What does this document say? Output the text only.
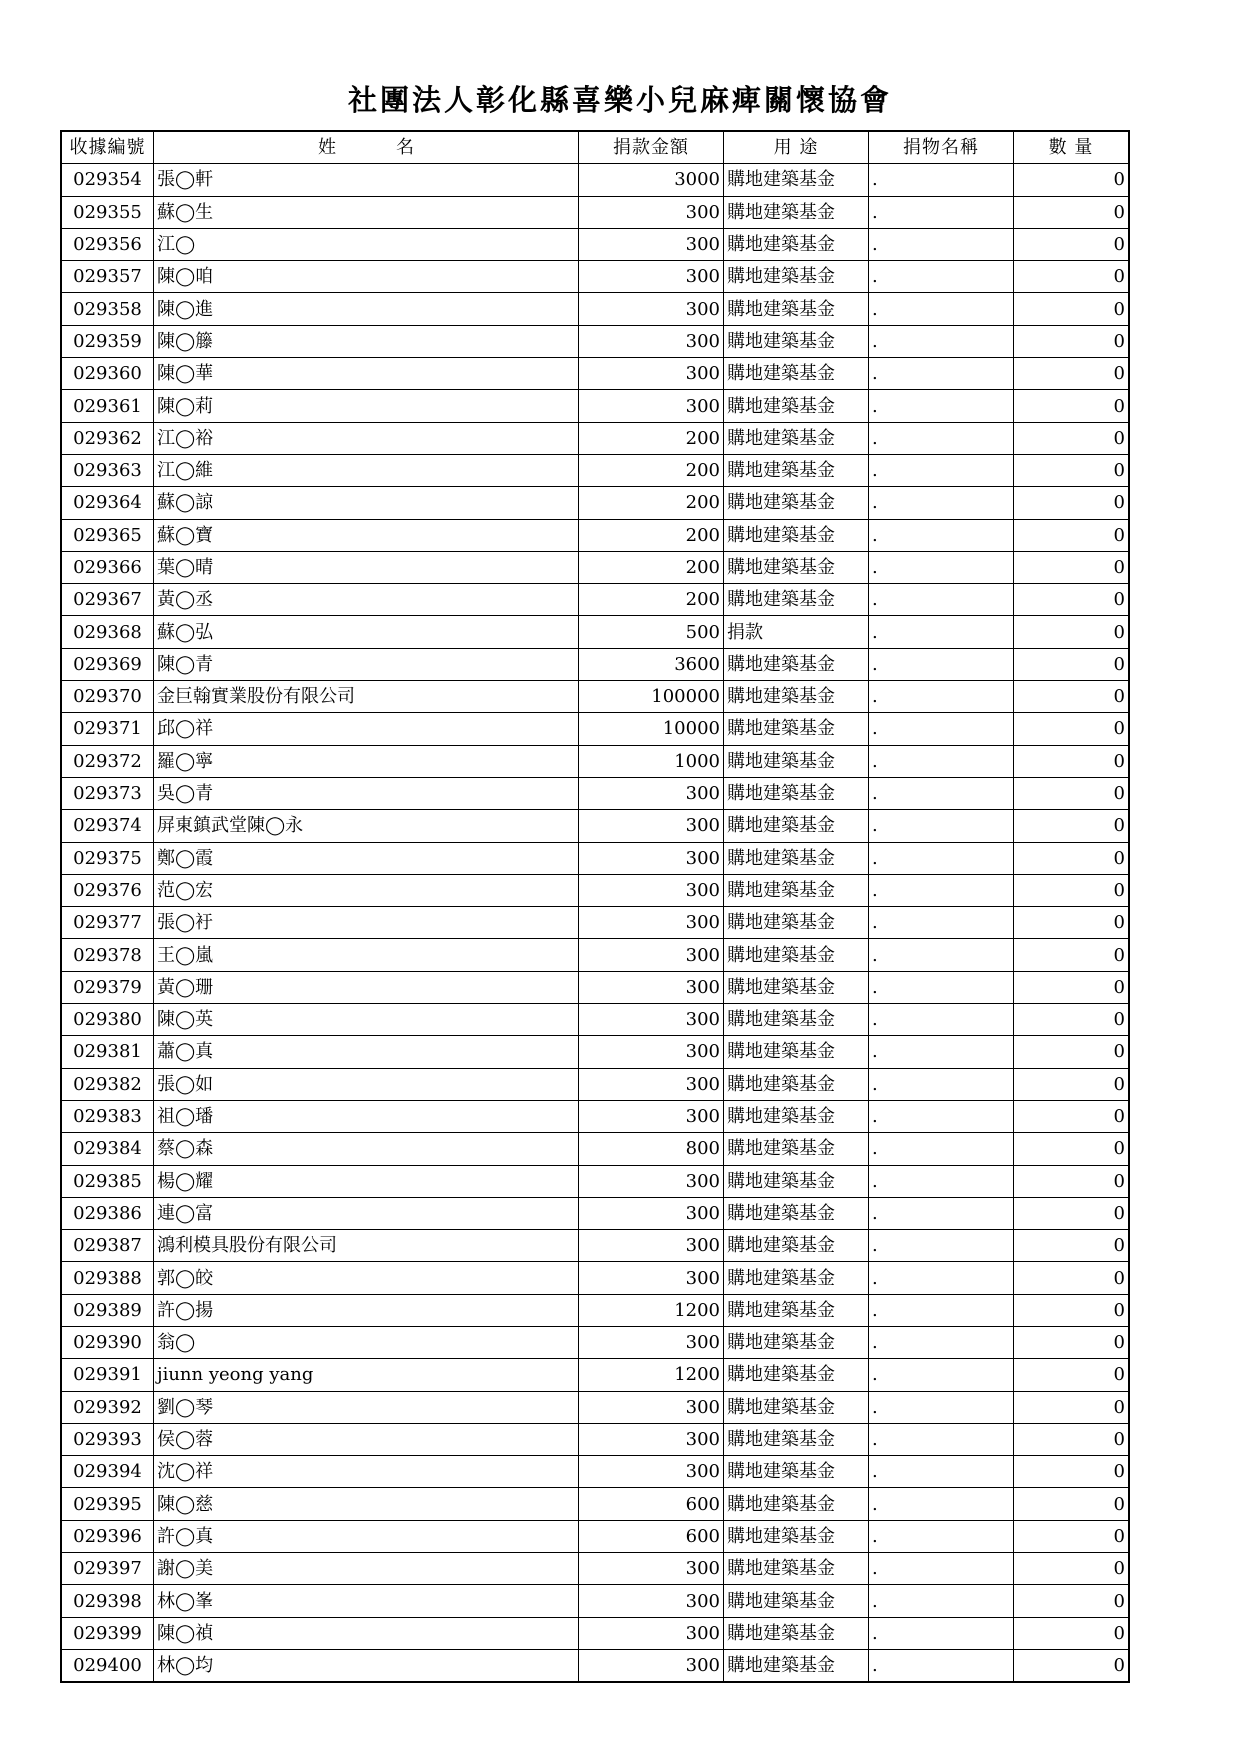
社團法人彰化縣喜樂小兒麻痺關懷協會
收據編號	姓 名	捐款金額	用 途	捐物名稱	數 量
029354	張◯軒	3000	購地建築基金	.	0
029355	蘇◯生	300	購地建築基金	.	0
029356	江◯	300	購地建築基金	.	0
029357	陳◯咱	300	購地建築基金	.	0
029358	陳◯進	300	購地建築基金	.	0
029359	陳◯籐	300	購地建築基金	.	0
029360	陳◯華	300	購地建築基金	.	0
029361	陳◯莉	300	購地建築基金	.	0
029362	江◯裕	200	購地建築基金	.	0
029363	江◯維	200	購地建築基金	.	0
029364	蘇◯諒	200	購地建築基金	.	0
029365	蘇◯寶	200	購地建築基金	.	0
029366	葉◯晴	200	購地建築基金	.	0
029367	黃◯丞	200	購地建築基金	.	0
029368	蘇◯弘	500	捐款	.	0
029369	陳◯青	3600	購地建築基金	.	0
029370	金巨翰實業股份有限公司	100000	購地建築基金	.	0
029371	邱◯祥	10000	購地建築基金	.	0
029372	羅◯寧	1000	購地建築基金	.	0
029373	吳◯青	300	購地建築基金	.	0
029374	屏東鎮武堂陳◯永	300	購地建築基金	.	0
029375	鄭◯霞	300	購地建築基金	.	0
029376	范◯宏	300	購地建築基金	.	0
029377	張◯衧	300	購地建築基金	.	0
029378	王◯嵐	300	購地建築基金	.	0
029379	黃◯珊	300	購地建築基金	.	0
029380	陳◯英	300	購地建築基金	.	0
029381	蕭◯真	300	購地建築基金	.	0
029382	張◯如	300	購地建築基金	.	0
029383	祖◯璠	300	購地建築基金	.	0
029384	蔡◯森	800	購地建築基金	.	0
029385	楊◯耀	300	購地建築基金	.	0
029386	連◯富	300	購地建築基金	.	0
029387	鴻利模具股份有限公司	300	購地建築基金	.	0
029388	郭◯皎	300	購地建築基金	.	0
029389	許◯揚	1200	購地建築基金	.	0
029390	翁◯	300	購地建築基金	.	0
029391	jiunn yeong yang	1200	購地建築基金	.	0
029392	劉◯琴	300	購地建築基金	.	0
029393	侯◯蓉	300	購地建築基金	.	0
029394	沈◯祥	300	購地建築基金	.	0
029395	陳◯慈	600	購地建築基金	.	0
029396	許◯真	600	購地建築基金	.	0
029397	謝◯美	300	購地建築基金	.	0
029398	林◯峯	300	購地建築基金	.	0
029399	陳◯禎	300	購地建築基金	.	0
029400	林◯均	300	購地建築基金	.	0
